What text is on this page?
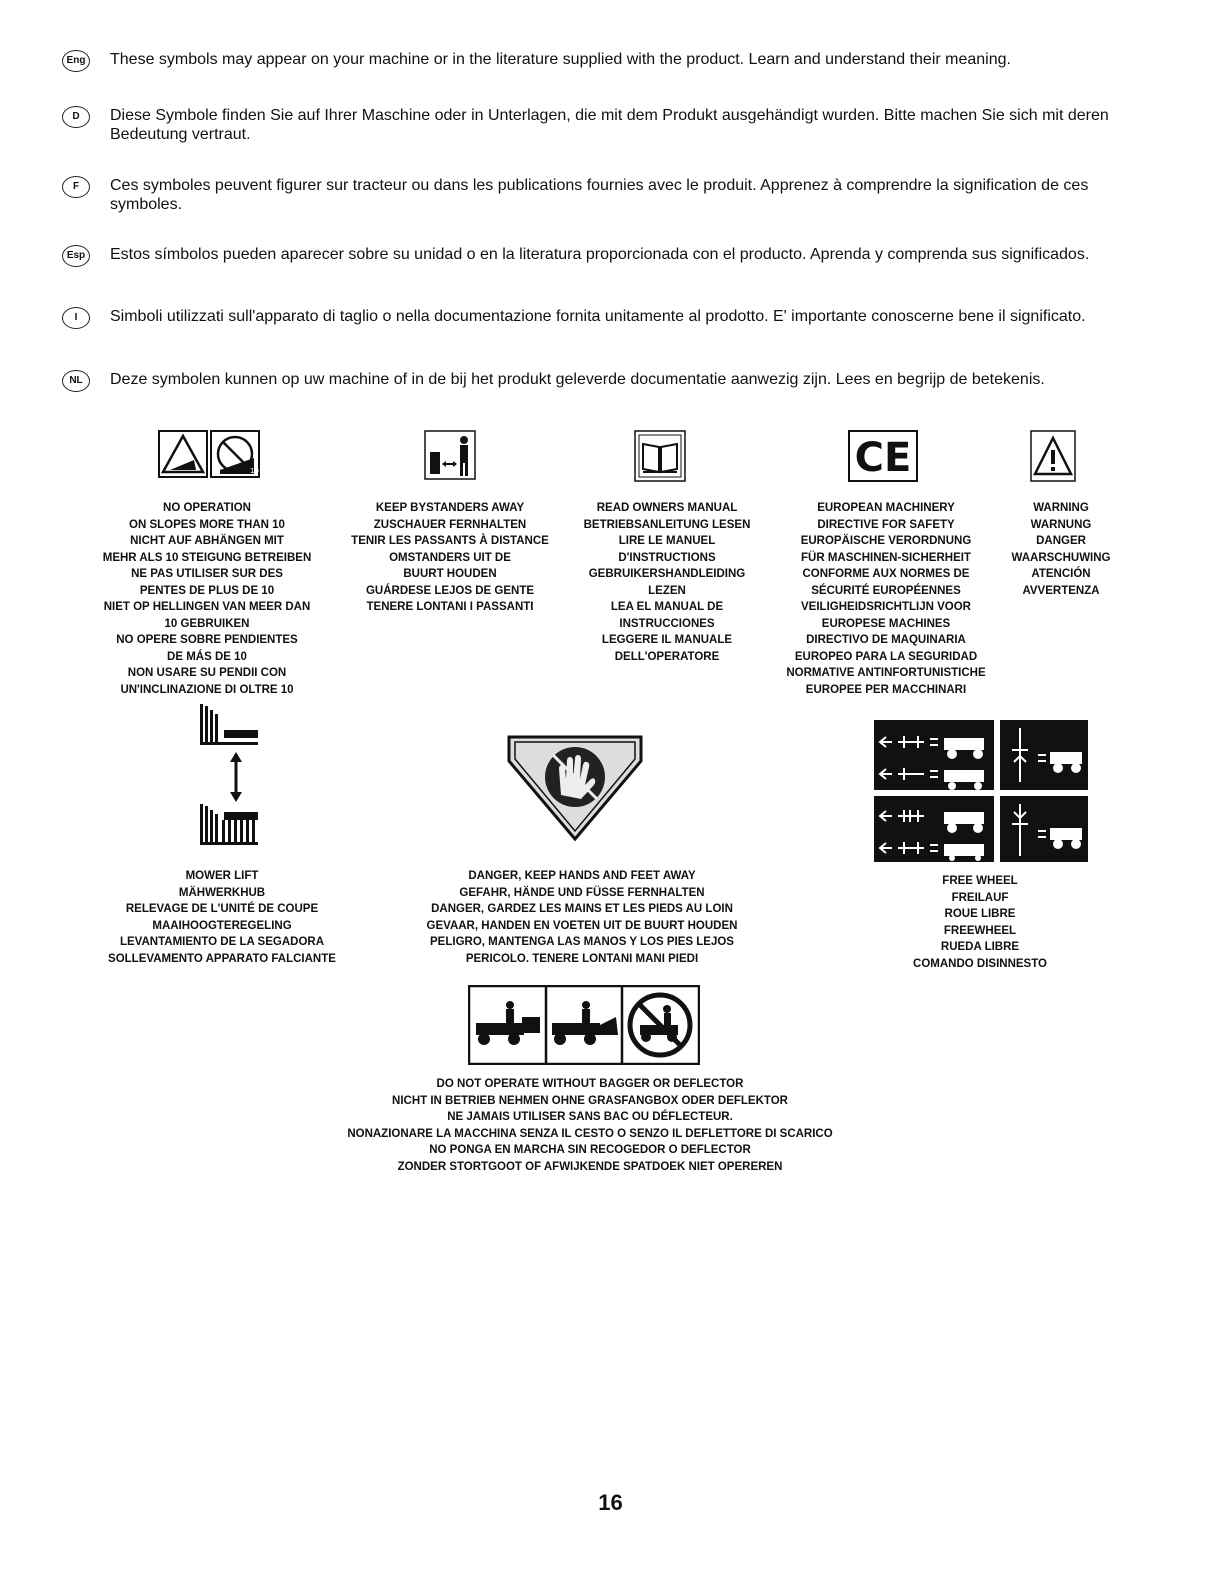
Eng These symbols may appear on your machine or in the literature supplied with the product. Learn and understand their meaning.
D	Diese Symbole finden Sie auf Ihrer Maschine oder in Unterlagen, die mit dem Produkt ausgehändigt wurden. Bitte machen Sie sich mit deren Bedeutung vertraut.
F	Ces symboles peuvent figurer sur tracteur ou dans les publications fournies avec le produit. Apprenez à comprendre la signification de ces symboles.
Esp	Estos símbolos pueden aparecer sobre su unidad o en la literatura proporcionada con el producto. Aprenda y comprenda sus significados.
I	Simboli utilizzati sull'apparato di taglio o nella documentazione fornita unitamente al prodotto. E' importante conoscerne bene il significato.
NL	Deze symbolen kunnen op uw machine of in de bij het produkt geleverde documentatie aanwezig zijn. Lees en begrijp de betekenis.
10	CE
NO OPERATION
ON SLOPES MORE THAN 10
NICHT AUF ABHÄNGEN MIT
MEHR ALS 10 STEIGUNG BETREIBEN
NE PAS UTILISER SUR DES
PENTES DE PLUS DE 10
NIET OP HELLINGEN VAN MEER DAN
10 GEBRUIKEN
NO OPERE SOBRE PENDIENTES
DE MÁS DE 10
NON USARE SU PENDII CON
UN'INCLINAZIONE DI OLTRE 10
KEEP BYSTANDERS AWAY
ZUSCHAUER FERNHALTEN
TENIR LES PASSANTS À DISTANCE
OMSTANDERS UIT DE
BUURT HOUDEN
GUÁRDESE LEJOS DE GENTE
TENERE LONTANI I PASSANTI
READ OWNERS MANUAL
BETRIEBSANLEITUNG LESEN
LIRE LE MANUEL
D'INSTRUCTIONS
GEBRUIKERSHANDLEIDING
LEZEN
LEA EL MANUAL DE
INSTRUCCIONES
LEGGERE IL MANUALE
DELL'OPERATORE
EUROPEAN MACHINERY
DIRECTIVE FOR SAFETY
EUROPÄISCHE VERORDNUNG
FÜR MASCHINEN-SICHERHEIT
CONFORME AUX NORMES DE
SÉCURITÉ EUROPÉENNES
VEILIGHEIDSRICHTLIJN VOOR
EUROPESE MACHINES
DIRECTIVO DE MAQUINARIA
EUROPEO PARA LA SEGURIDAD
NORMATIVE ANTINFORTUNISTICHE
EUROPEE PER MACCHINARI
WARNING
WARNUNG
DANGER
WAARSCHUWING
ATENCIÓN
AVVERTENZA
MOWER LIFT
MÄHWERKHUB
RELEVAGE DE L'UNITÉ DE COUPE
MAAIHOOGTEREGELING
LEVANTAMIENTO DE LA SEGADORA
SOLLEVAMENTO APPARATO FALCIANTE
DANGER, KEEP HANDS AND FEET AWAY
GEFAHR, HÄNDE UND FÜSSE FERNHALTEN
DANGER, GARDEZ LES MAINS ET LES PIEDS AU LOIN
GEVAAR, HANDEN EN VOETEN UIT DE BUURT HOUDEN
PELIGRO, MANTENGA LAS MANOS Y LOS PIES LEJOS
PERICOLO. TENERE LONTANI MANI PIEDI
FREE WHEEL
FREILAUF
ROUE LIBRE
FREEWHEEL
RUEDA LIBRE
COMANDO DISINNESTO
DO NOT OPERATE WITHOUT BAGGER OR DEFLECTOR
NICHT IN BETRIEB NEHMEN OHNE GRASFANGBOX ODER DEFLEKTOR
NE JAMAIS UTILISER SANS BAC OU DÉFLECTEUR.
NONAZIONARE LA MACCHINA SENZA IL CESTO O SENZO IL DEFLETTORE DI SCARICO
NO PONGA EN MARCHA SIN RECOGEDOR O DEFLECTOR
ZONDER STORTGOOT OF AFWIJKENDE SPATDOEK NIET OPEREREN
16
